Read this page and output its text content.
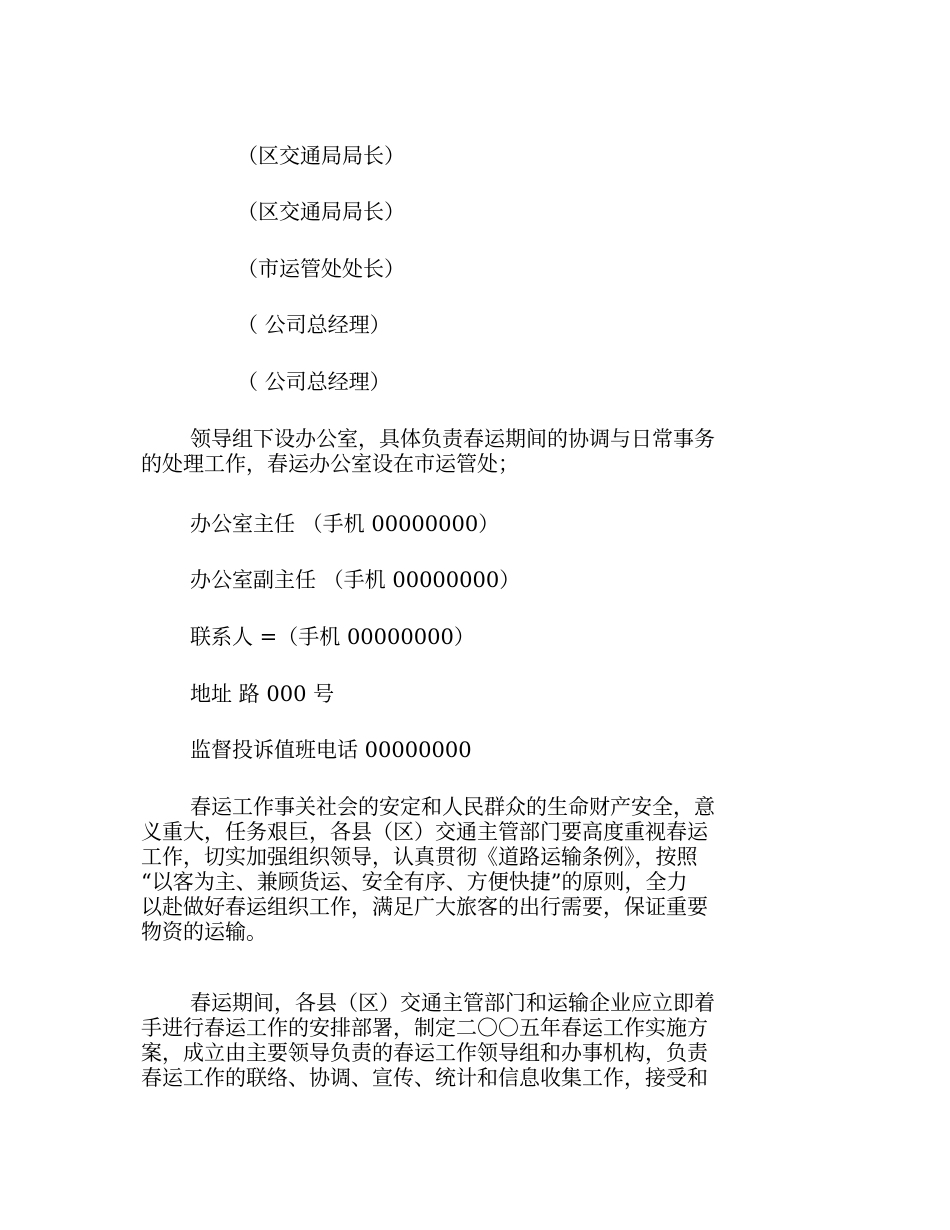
（区交通局局长）

（区交通局局长）

（市运管处处长）

（ 公司总经理）

（ 公司总经理）

领导组下设办公室，具体负责春运期间的协调与日常事务
的处理工作，春运办公室设在市运管处；

办公室主任 （手机 00000000）

办公室副主任 （手机 00000000）

联系人 =（手机 00000000）

地址 路 000 号

监督投诉值班电话 00000000

春运工作事关社会的安定和人民群众的生命财产安全，意
义重大，任务艰巨，各县（区）交通主管部门要高度重视春运
工作，切实加强组织领导，认真贯彻《道路运输条例》，按照
“以客为主、兼顾货运、安全有序、方便快捷”的原则，全力
以赴做好春运组织工作，满足广大旅客的出行需要，保证重要
物资的运输。
春运期间，各县（区）交通主管部门和运输企业应立即着
手进行春运工作的安排部署，制定二〇〇五年春运工作实施方
案，成立由主要领导负责的春运工作领导组和办事机构，负责
春运工作的联络、协调、宣传、统计和信息收集工作，接受和
